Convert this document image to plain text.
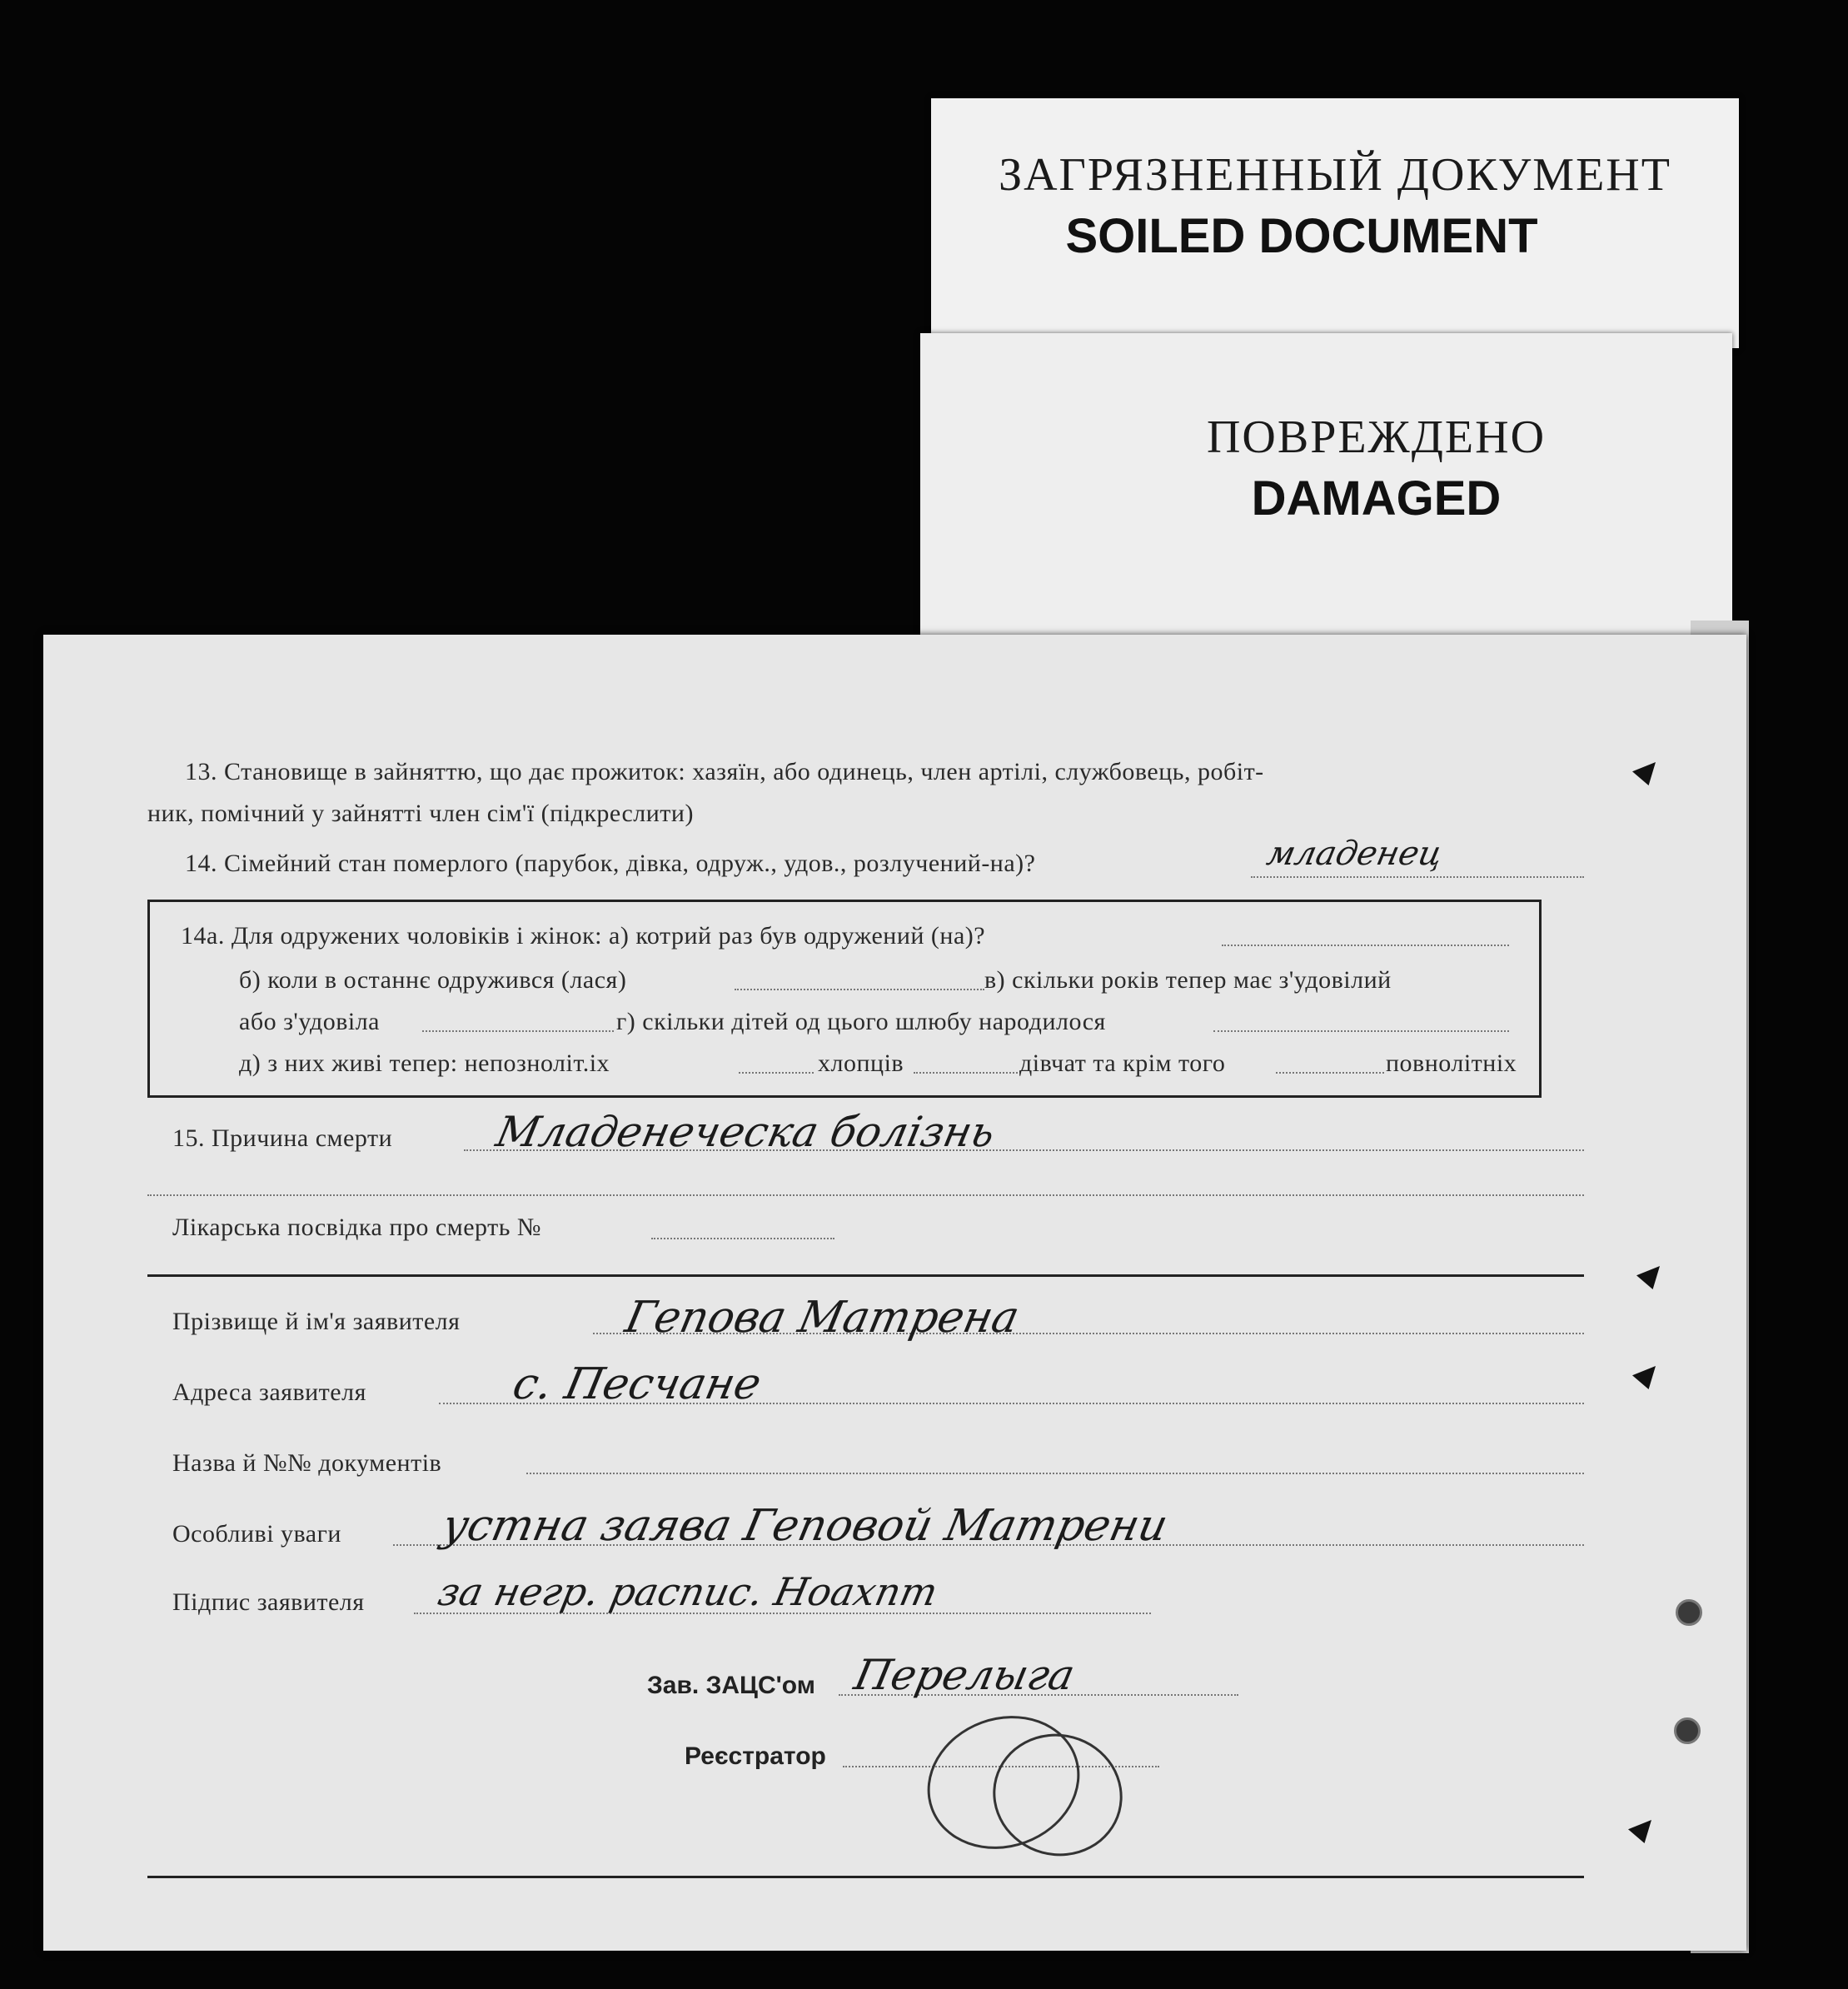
ЗАГРЯЗНЕННЫЙ ДОКУМЕНТ
SOILED DOCUMENT
ПОВРЕЖДЕНО
DAMAGED
13. Становище в зайняттю, що дає прожиток: хазяїн, або одинець, член артілі, службовець, робіт-
ник, помічний у зайнятті член сім'ї (підкреслити)
14. Сімейний стан померлого (парубок, дівка, одруж., удов., розлучений-на)?	младенец
14а. Для одружених чоловіків і жінок: а) котрий раз був одружений (на)?
б) коли в останнє одружився (лася)	в) скільки років тепер має з'удовілий
або з'удовіла	г) скільки дітей од цього шлюбу народилося
д) з них живі тепер: непозноліт.іх	хлопців	дівчат та крім того	повнолітніх
15. Причина смерти Младенеческа болізнь
Лікарська посвідка про смерть №
Прізвище й ім'я заявителя	Гепова Матрена
Адреса заявителя	с. Песчане
Назва й №№ документів
Особливі уваги устна заява Геповой Матрени
Підпис заявителя за негр. распис. Ноахпт
Зав. ЗАЦС'ом Перелыга
Реєстратор
